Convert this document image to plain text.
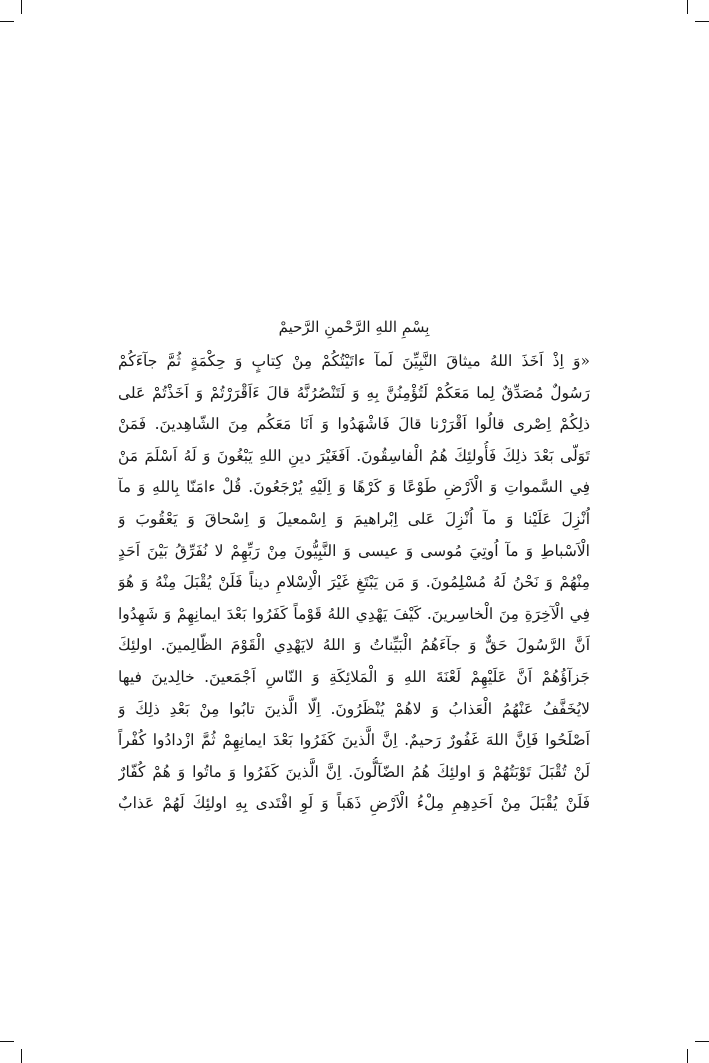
بِسْمِ اللهِ الرَّحْمنِ الرَّحيمْ
«وَ اِذْ اَخَذَ اللهُ ميثاقَ النَّبِيِّنَ لَمآ ءاتَيْتُكُمْ مِنْ كِتابٍ وَ حِكْمَةٍ ثُمَّ جآءَكُمْ
رَسُولٌ مُصَدِّقٌ لِما مَعَكُمْ لَتُؤْمِنُنَّ بِهِ وَ لَتَنْصُرُنَّهُ قالَ ءَاَقْرَرْتُمْ وَ اَخَذْتُمْ عَلى
ذلِكُمْ اِصْرى قالُوا اَقْرَرْنا قالَ فَاشْهَدُوا وَ اَنَا مَعَكُم مِنَ الشّاهِدينَ. فَمَنْ
تَوَلّى بَعْدَ ذلِكَ فَأُولئِكَ هُمُ الْفاسِقُونَ. اَفَغَيْرَ دينِ اللهِ يَبْغُونَ وَ لَهُ اَسْلَمَ مَنْ
فِي السَّمواتِ وَ الْاَرْضِ طَوْعًا وَ كَرْهًا وَ اِلَيْهِ يُرْجَعُونَ. قُلْ ءامَنّا بِاللهِ وَ مآ
اُنْزِلَ عَلَيْنا وَ مآ اُنْزِلَ عَلى اِبْراهيمَ وَ اِسْمعيلَ وَ اِسْحاقَ وَ يَعْقُوبَ وَ
الْاَسْباطِ وَ مآ اُوتِيَ مُوسى وَ عيسى وَ النَّبِيُّونَ مِنْ رَبِّهِمْ لا نُفَرِّقُ بَيْنَ اَحَدٍ
مِنْهُمْ وَ نَحْنُ لَهُ مُسْلِمُونَ. وَ مَن يَبْتَغِ غَيْرَ الْاِسْلامِ ديناً فَلَنْ يُقْبَلَ مِنْهُ وَ هُوَ
فِي الْآخِرَةِ مِنَ الْخاسِرينَ. كَيْفَ يَهْدِي اللهُ قَوْماً كَفَرُوا بَعْدَ ايمانِهِمْ وَ شَهِدُوا
اَنَّ الرَّسُولَ حَقٌّ وَ جآءَهُمُ الْبَيِّناتُ وَ اللهُ لايَهْدِي الْقَوْمَ الظّالِمينَ. اولئِكَ
جَزآؤُهُمْ اَنَّ عَلَيْهِمْ لَعْنَةَ اللهِ وَ الْمَلائِكَةِ وَ النّاسِ اَجْمَعينَ. خالِدينَ فيها
لايُخَفَّفُ عَنْهُمُ الْعَذابُ وَ لاهُمْ يُنْظَرُونَ. اِلّا الَّذينَ تابُوا مِنْ بَعْدِ ذلِكَ وَ
اَصْلَحُوا فَاِنَّ اللهَ غَفُورٌ رَحيمٌ. اِنَّ الَّذينَ كَفَرُوا بَعْدَ ايمانِهِمْ ثُمَّ ازْدادُوا كُفْراً
لَنْ تُقْبَلَ تَوْبَتُهُمْ وَ اولئِكَ هُمُ الضّآلُّونَ. اِنَّ الَّذينَ كَفَرُوا وَ ماتُوا وَ هُمْ كُفّارٌ
فَلَنْ يُقْبَلَ مِنْ اَحَدِهِمِ مِلْءُ الْاَرْضِ ذَهَباً وَ لَوِ افْتَدى بِهِ اولئِكَ لَهُمْ عَذابٌ
